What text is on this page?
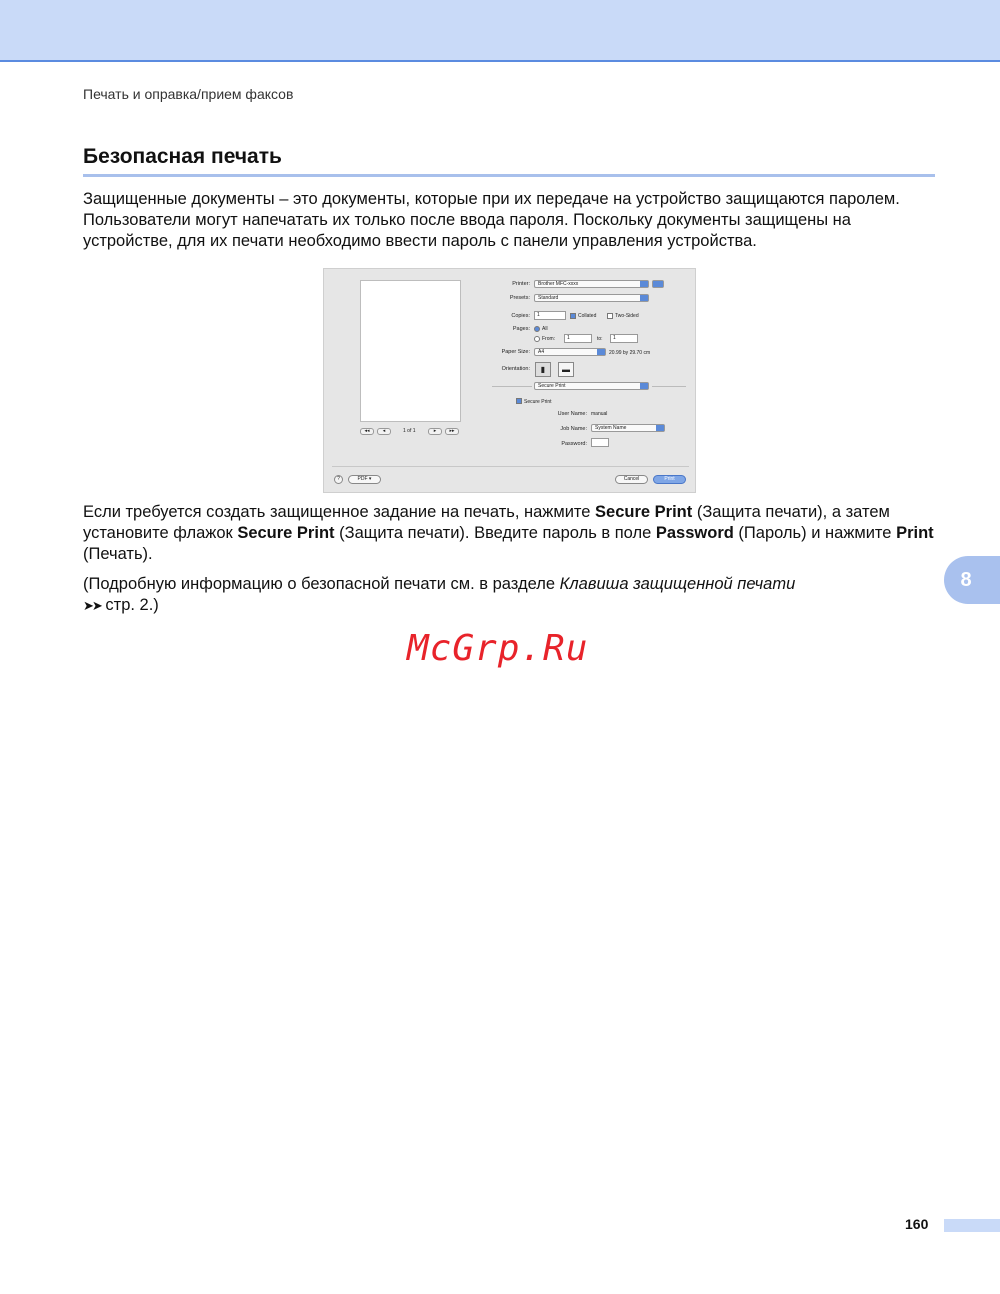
Печать и оправка/прием факсов
Безопасная печать
Защищенные документы – это документы, которые при их передаче на устройство защищаются паролем. Пользователи могут напечатать их только после ввода пароля. Поскольку документы защищены на устройстве, для их печати необходимо ввести пароль с панели управления устройства.
◂◂	◂	1 of 1	▸	▸▸
Printer:	Brother MFC-xxxx
Presets:	Standard
Copies:	1	Collated	Two-Sided
Pages: All
From:	1	to:	1
Paper Size:	A4	20.99 by 29.70 cm
Orientation:	▮	▬
Secure Print
Secure Print
User Name: manual
Job Name:	System Name
Password:
?	PDF ▾	Cancel	Print
Если требуется создать защищенное задание на печать, нажмите Secure Print (Защита печати), а затем установите флажок Secure Print (Защита печати). Введите пароль в поле Password (Пароль) и нажмите Print (Печать).
(Подробную информацию о безопасной печати см. в разделе Клавиша защищенной печати
➤➤ стр. 2.)
8
McGrp.Ru
160
